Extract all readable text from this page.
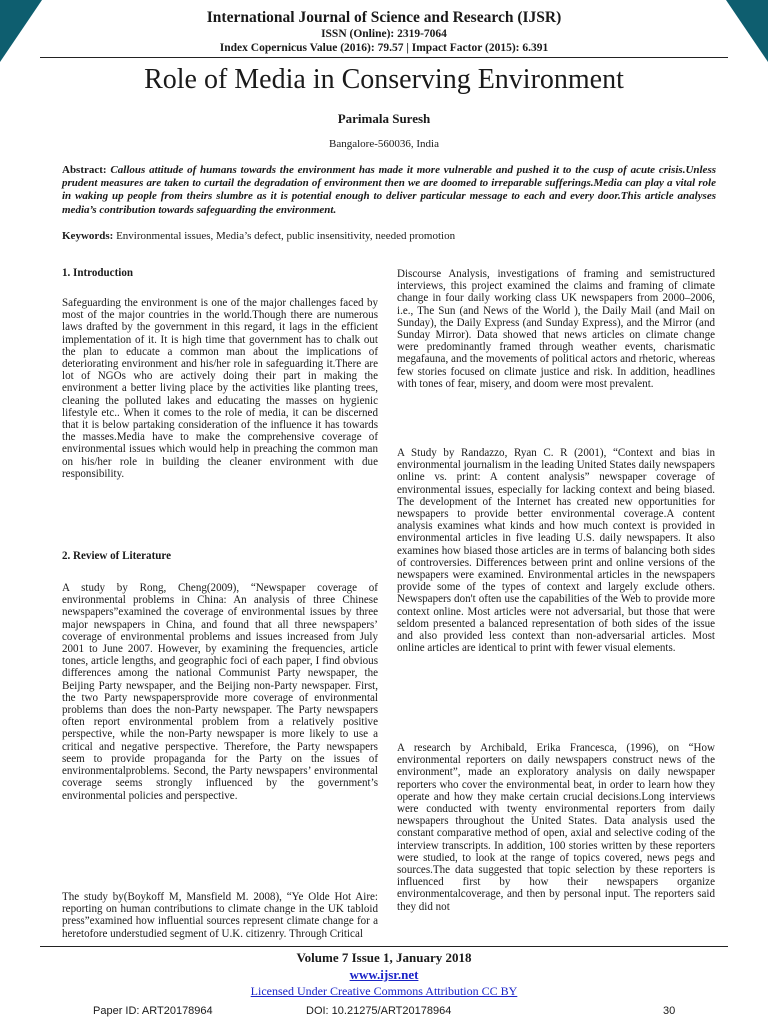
International Journal of Science and Research (IJSR)
ISSN (Online): 2319-7064
Index Copernicus Value (2016): 79.57 | Impact Factor (2015): 6.391
Role of Media in Conserving Environment
Parimala Suresh
Bangalore-560036, India
Abstract: Callous attitude of humans towards the environment has made it more vulnerable and pushed it to the cusp of acute crisis.Unless prudent measures are taken to curtail the degradation of environment then we are doomed to irreparable sufferings.Media can play a vital role in waking up people from theirs slumbre as it is potential enough to deliver particular message to each and every door.This article analyses media’s contribution towards safeguarding the environment.
Keywords: Environmental issues, Media’s defect, public insensitivity, needed promotion
1. Introduction

Safeguarding the environment is one of the major challenges faced by most of the major countries in the world.Though there are numerous laws drafted by the government in this regard, it lags in the efficient implementation of it. It is high time that government has to chalk out the plan to educate a common man about the implications of deteriorating environment and his/her role in safeguarding it.There are lot of NGOs who are actively doing their part in making the environment a better living place by the activities like planting trees, cleaning the polluted lakes and educating the masses on hygienic lifestyle etc.. When it comes to the role of media, it can be discerned that it is below partaking consideration of the influence it has towards the masses.Media have to make the comprehensive coverage of environmental issues which would help in preaching the common man on his/her role in building the cleaner environment with due responsibility.

2. Review of Literature

A study by Rong, Cheng(2009), “Newspaper coverage of environmental problems in China: An analysis of three Chinese newspapers”examined the coverage of environmental issues by three major newspapers in China, and found that all three newspapers’ coverage of environmental problems and issues increased from July 2001 to June 2007. However, by examining the frequencies, article tones, article lengths, and geographic foci of each paper, I find obvious differences among the national Communist Party newspaper, the Beijing Party newspaper, and the Beijing non-Party newspaper. First, the two Party newspapersprovide more coverage of environmental problems than does the non-Party newspaper. The Party newspapers often report environmental problem from a relatively positive perspective, while the non-Party newspaper is more likely to use a critical and negative perspective. Therefore, the Party newspapers seem to provide propaganda for the Party on the issues of environmentalproblems. Second, the Party newspapers’ environmental coverage seems strongly influenced by the government’s environmental policies and perspective.

The study by(Boykoff M, Mansfield M. 2008), “Ye Olde Hot Aire: reporting on human contributions to climate change in the UK tabloid press”examined how influential sources represent climate change for a heretofore understudied segment of U.K. citizenry. Through Critical

Discourse Analysis, investigations of framing and semistructured interviews, this project examined the claims and framing of climate change in four daily working class UK newspapers from 2000–2006, i.e., The Sun (and News of the World ), the Daily Mail (and Mail on Sunday), the Daily Express (and Sunday Express), and the Mirror (and Sunday Mirror). Data showed that news articles on climate change were predominantly framed through weather events, charismatic megafauna, and the movements of political actors and rhetoric, whereas few stories focused on climate justice and risk. In addition, headlines with tones of fear, misery, and doom were most prevalent.

A Study by Randazzo, Ryan C. R (2001), “Context and bias in environmental journalism in the leading United States daily newspapers online vs. print: A content analysis” newspaper coverage of environmental issues, especially for lacking context and being biased. The development of the Internet has created new opportunities for newspapers to provide better environmental coverage.A content analysis examines what kinds and how much context is provided in environmental articles in five leading U.S. daily newspapers. It also examines how biased those articles are in terms of balancing both sides of controversies. Differences between print and online versions of the newspapers were examined. Environmental articles in the newspapers provide some of the types of context and largely exclude others. Newspapers don't often use the capabilities of the Web to provide more context online. Most articles were not adversarial, but those that were seldom presented a balanced representation of both sides of the issue and also provided less context than non-adversarial articles. Most online articles are identical to print with fewer visual elements.

A research by Archibald, Erika Francesca, (1996), on “How environmental reporters on daily newspapers construct news of the environment”, made an exploratory analysis on daily newspaper reporters who cover the environmental beat, in order to learn how they operate and how they make certain crucial decisions.Long interviews were conducted with twenty environmental reporters from daily newspapers throughout the United States. Data analysis used the constant comparative method of open, axial and selective coding of the interview transcripts. In addition, 100 stories written by these reporters were studied, to look at the range of topics covered, news pegs and sources.The data suggested that topic selection by these reporters is influenced first by how their newspapers organize environmentalcoverage, and then by personal input. The reporters said they did not

Volume 7 Issue 1, January 2018
www.ijsr.net
Licensed Under Creative Commons Attribution CC BY
Paper ID: ART20178964	DOI: 10.21275/ART20178964	30
